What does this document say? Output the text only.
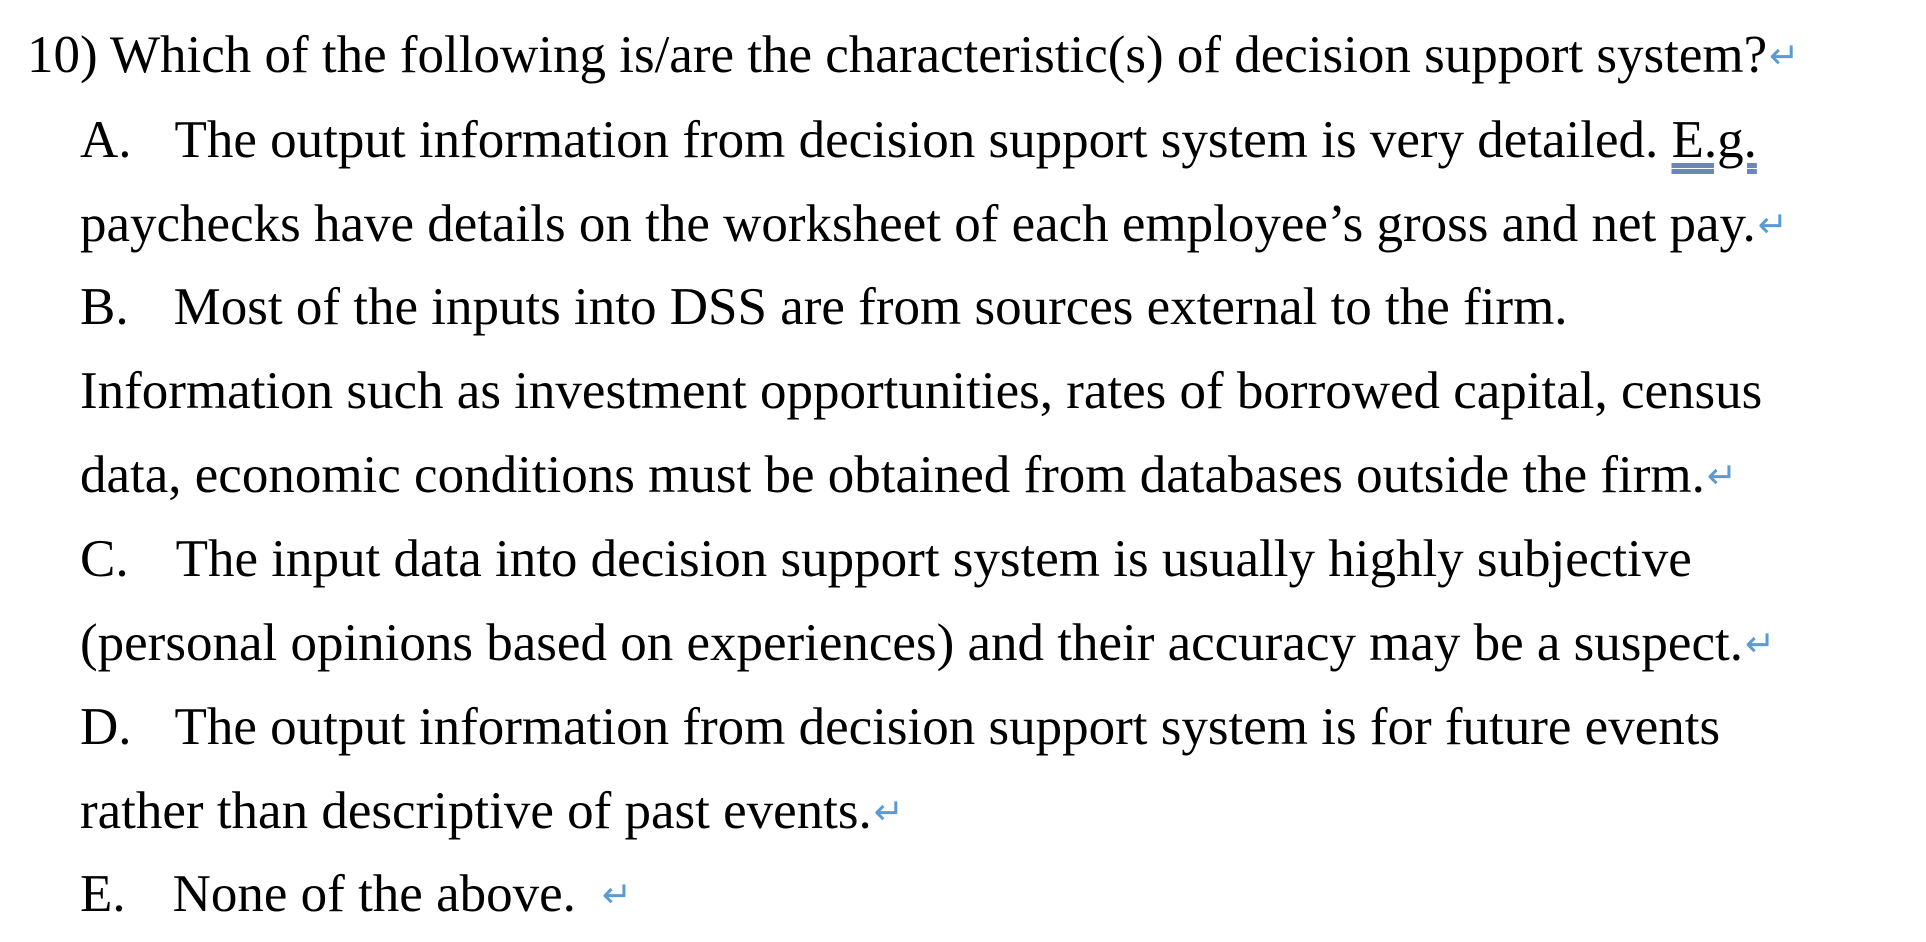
10) Which of the following is/are the characteristic(s) of decision support system?↵
A. The output information from decision support system is very detailed. E.g.
paychecks have details on the worksheet of each employee’s gross and net pay.↵
B. Most of the inputs into DSS are from sources external to the firm.
Information such as investment opportunities, rates of borrowed capital, census
data, economic conditions must be obtained from databases outside the firm.↵
C. The input data into decision support system is usually highly subjective
(personal opinions based on experiences) and their accuracy may be a suspect.↵
D. The output information from decision support system is for future events
rather than descriptive of past events.↵
E. None of the above. ↵
